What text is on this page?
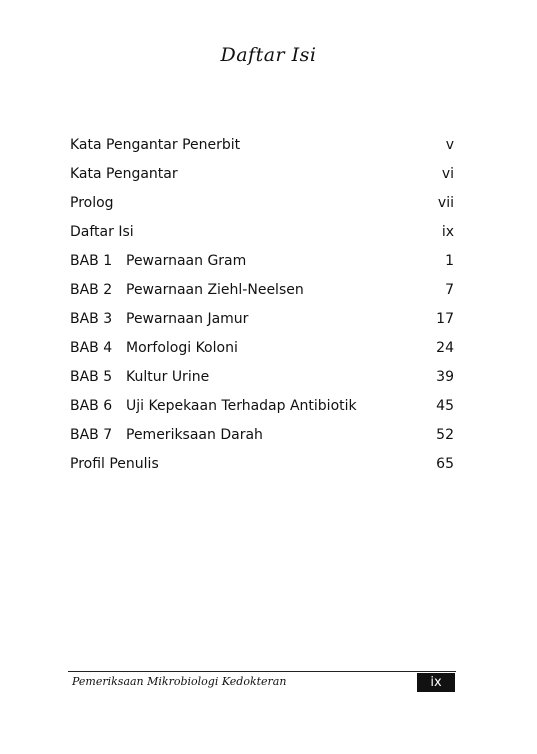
Daftar Isi
Kata Pengantar Penerbit	v
Kata Pengantar	vi
Prolog	vii
Daftar Isi	ix
BAB 1 Pewarnaan Gram	1
BAB 2 Pewarnaan Ziehl-Neelsen	7
BAB 3 Pewarnaan Jamur	17
BAB 4 Morfologi Koloni	24
BAB 5 Kultur Urine	39
BAB 6 Uji Kepekaan Terhadap Antibiotik	45
BAB 7 Pemeriksaan Darah	52
Profil Penulis	65
Pemeriksaan Mikrobiologi Kedokteran	ix
